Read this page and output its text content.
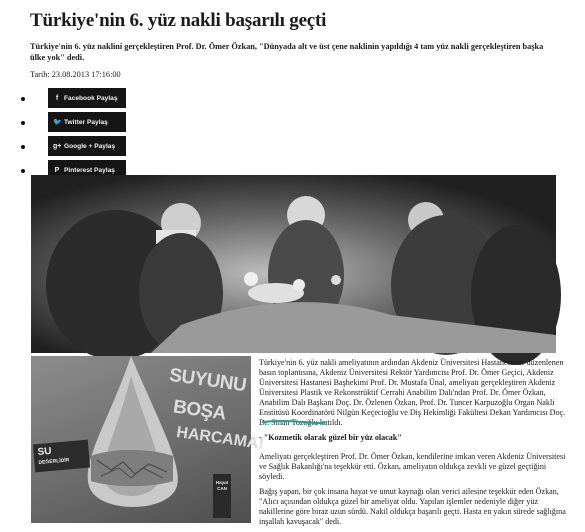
Türkiye'nin 6. yüz nakli başarılı geçti

Türkiye'nin 6. yüz naklini gerçekleştiren Prof. Dr. Ömer Özkan, "Dünyada alt ve üst çene naklinin yapıldığı 4 tam yüz nakli gerçekleştiren başka ülke yok" dedi.

Tarih: 23.08.2013 17:16:00
f Facebook Paylaş
🐦 Twitter Paylaş
g+ Google + Paylaş
P Pinterest Paylaş
SU
DEĞERLİDİR
SUYUNU
BOŞA
HARCAMA!
Hayat CAN

Türkiye'nin 6. yüz nakli ameliyatının ardından Akdeniz Üniversitesi Hastanesinde düzenlenen basın toplantısına, Akdeniz Üniversitesi Rektör Yardımcısı Prof. Dr. Ömer Geçici, Akdeniz Üniversitesi Hastanesi Başhekimi Prof. Dr. Mustafa Ünal, ameliyatı gerçekleştiren Akdeniz Üniversitesi Plastik ve Rekonstrüktif Cerrahi Anabilim Dalı'ndan Prof. Dr. Ömer Özkan, Anabilim Dalı Başkanı Doç. Dr. Özlenen Özkan, Prof. Dr. Tuncer Karpuzoğlu Organ Nakli Enstitüsü Koordinatörü Nilgün Keçecioğlu ve Diş Hekimliği Fakültesi Dekan Yardımcısı Doç. Dr. Sinan Tozoğlu katıldı.

- "Kozmetik olarak güzel bir yüz olacak"

Ameliyatı gerçekleştiren Prof. Dr. Ömer Özkan, kendilerine imkan veren Akdeniz Üniversitesi ve Sağlık Bakanlığı'na teşekkür etti. Özkan, ameliyatın oldukça zevkli ve güzel geçtiğini söyledi.

Bağış yapan, bir çok insana hayat ve umut kaynağı olan verici ailesine teşekkür eden Özkan, "Alıcı açısından oldukça güzel bir ameliyat oldu. Yapılan işlemler nedeniyle diğer yüz nakillerine göre biraz uzun sürdü. Nakil oldukça başarılı geçti. Hasta en yakın sürede sağlığına inşallah kavuşacak" dedi.
